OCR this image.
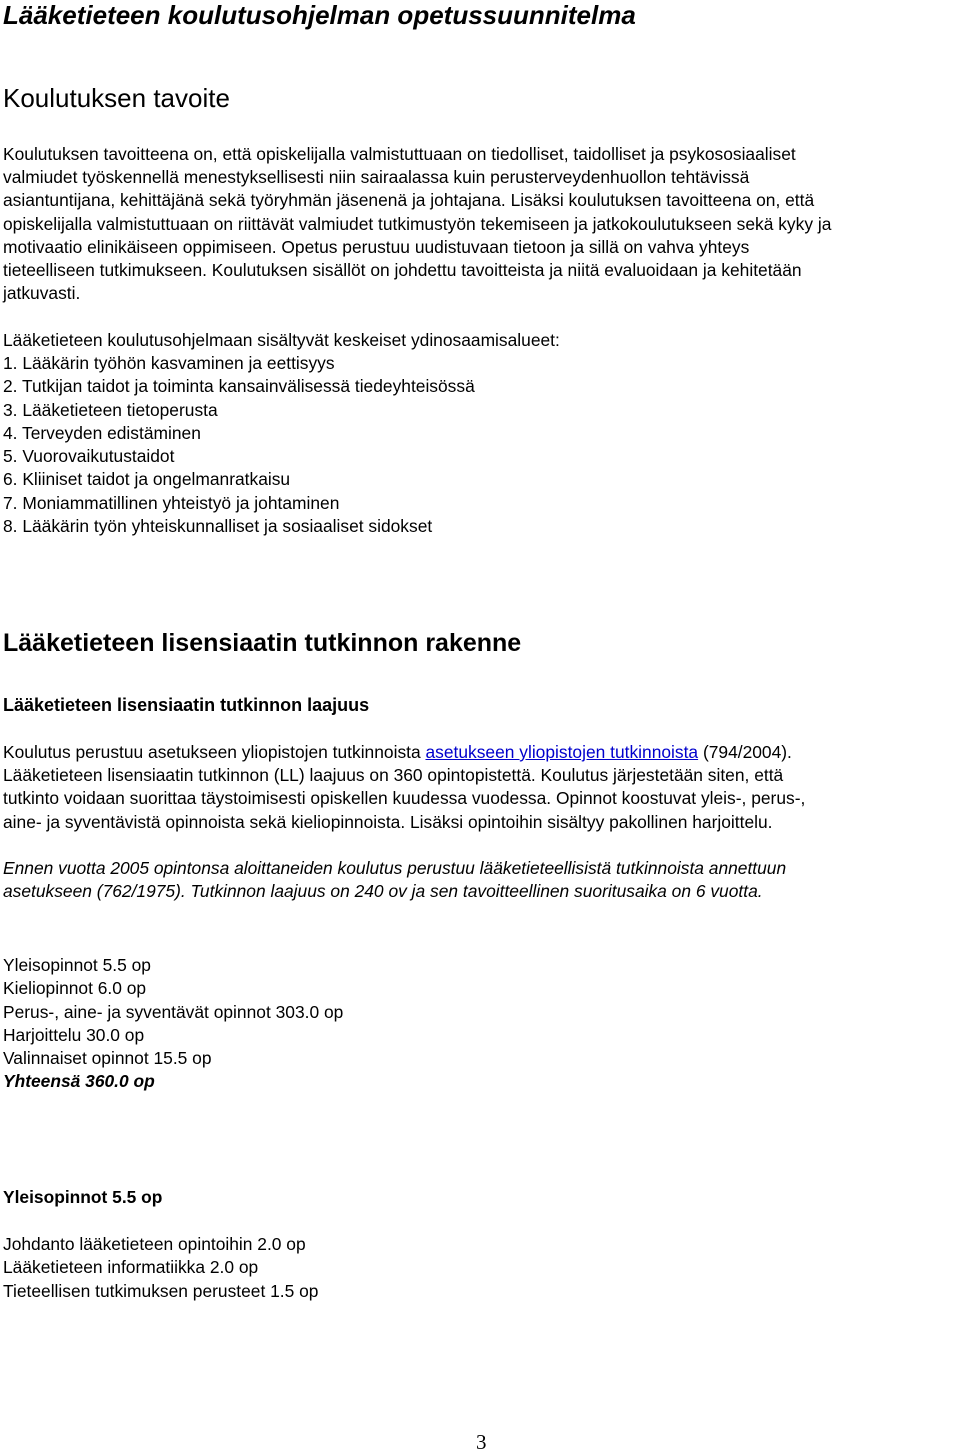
Lääketieteen koulutusohjelman opetussuunnitelma
Koulutuksen tavoite

Koulutuksen tavoitteena on, että opiskelijalla valmistuttuaan on tiedolliset, taidolliset ja psykososiaaliset

valmiudet työskennellä menestyksellisesti niin sairaalassa kuin perusterveydenhuollon tehtävissä

asiantuntijana, kehittäjänä sekä työryhmän jäsenenä ja johtajana. Lisäksi koulutuksen tavoitteena on, että

opiskelijalla valmistuttuaan on riittävät valmiudet tutkimustyön tekemiseen ja jatkokoulutukseen sekä kyky ja

motivaatio elinikäiseen oppimiseen. Opetus perustuu uudistuvaan tietoon ja sillä on vahva yhteys

tieteelliseen tutkimukseen. Koulutuksen sisällöt on johdettu tavoitteista ja niitä evaluoidaan ja kehitetään

jatkuvasti.

Lääketieteen koulutusohjelmaan sisältyvät keskeiset ydinosaamisalueet:
1. Lääkärin työhön kasvaminen ja eettisyys
2. Tutkijan taidot ja toiminta kansainvälisessä tiedeyhteisössä
3. Lääketieteen tietoperusta
4. Terveyden edistäminen
5. Vuorovaikutustaidot
6. Kliiniset taidot ja ongelmanratkaisu
7. Moniammatillinen yhteistyö ja johtaminen
8. Lääkärin työn yhteiskunnalliset ja sosiaaliset sidokset
Lääketieteen lisensiaatin tutkinnon rakenne
Lääketieteen lisensiaatin tutkinnon laajuus

Koulutus perustuu asetukseen yliopistojen tutkinnoista asetukseen yliopistojen tutkinnoista (794/2004).

Lääketieteen lisensiaatin tutkinnon (LL) laajuus on 360 opintopistettä. Koulutus järjestetään siten, että

tutkinto voidaan suorittaa täystoimisesti opiskellen kuudessa vuodessa. Opinnot koostuvat yleis-, perus-,

aine- ja syventävistä opinnoista sekä kieliopinnoista. Lisäksi opintoihin sisältyy pakollinen harjoittelu.

Ennen vuotta 2005 opintonsa aloittaneiden koulutus perustuu lääketieteellisistä tutkinnoista annettuun

asetukseen (762/1975). Tutkinnon laajuus on 240 ov ja sen tavoitteellinen suoritusaika on 6 vuotta.

Yleisopinnot 5.5 op
Kieliopinnot 6.0 op
Perus-, aine- ja syventävät opinnot 303.0 op
Harjoittelu 30.0 op
Valinnaiset opinnot 15.5 op
Yhteensä 360.0 op
Yleisopinnot 5.5 op
Johdanto lääketieteen opintoihin 2.0 op
Lääketieteen informatiikka 2.0 op
Tieteellisen tutkimuksen perusteet 1.5 op
3
